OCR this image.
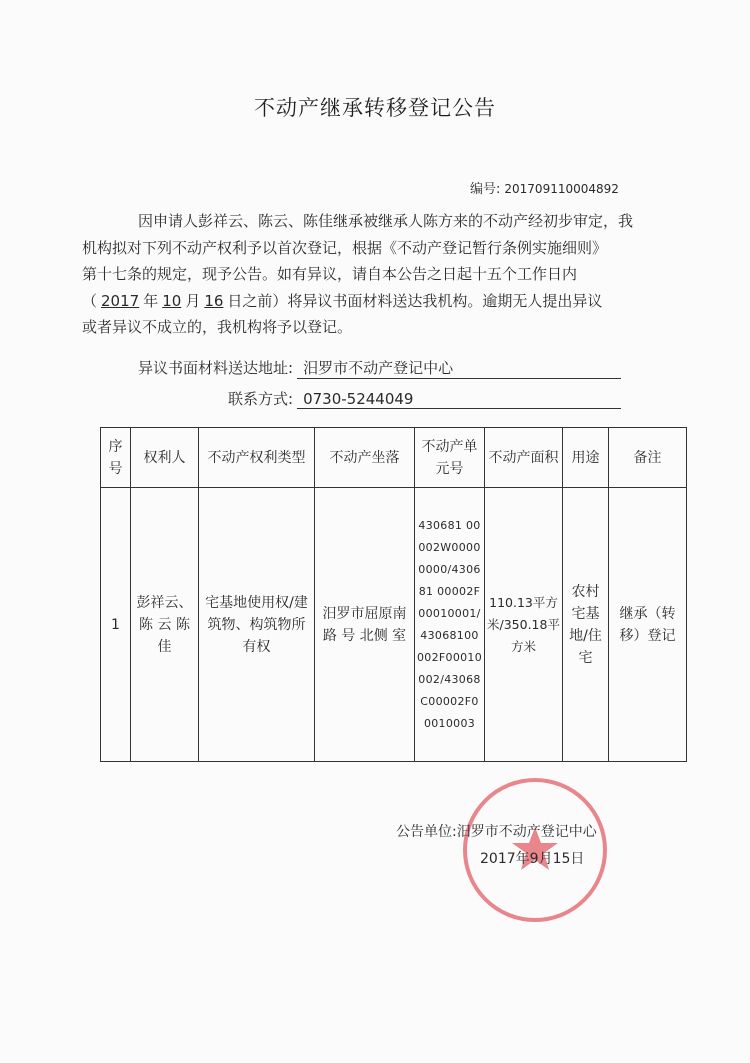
不动产继承转移登记公告
编号: 201709110004892
因申请人彭祥云、陈云、陈佳继承被继承人陈方来的不动产经初步审定，我
机构拟对下列不动产权利予以首次登记，根据《不动产登记暂行条例实施细则》
第十七条的规定，现予公告。如有异议，请自本公告之日起十五个工作日内
（ 2017 年 10 月 16 日之前）将异议书面材料送达我机构。逾期无人提出异议
或者异议不成立的，我机构将予以登记。
异议书面材料送达地址: 汨罗市不动产登记中心
联系方式: 0730-5244049
序号	权利人	不动产权利类型	不动产坐落	不动产单元号	不动产面积	用途	备注
1	彭祥云、陈 云 陈 佳	宅基地使用权/建筑物、构筑物所有权	汨罗市屈原南路 号 北侧 室	430681 00002W00000000/430681 00002F00010001/43068100 002F00010002/43068 C00002F00010003	110.13平方米/350.18平方米	农村宅基地/住宅	继承（转移）登记
公告单位:汨罗市不动产登记中心
2017年9月15日
